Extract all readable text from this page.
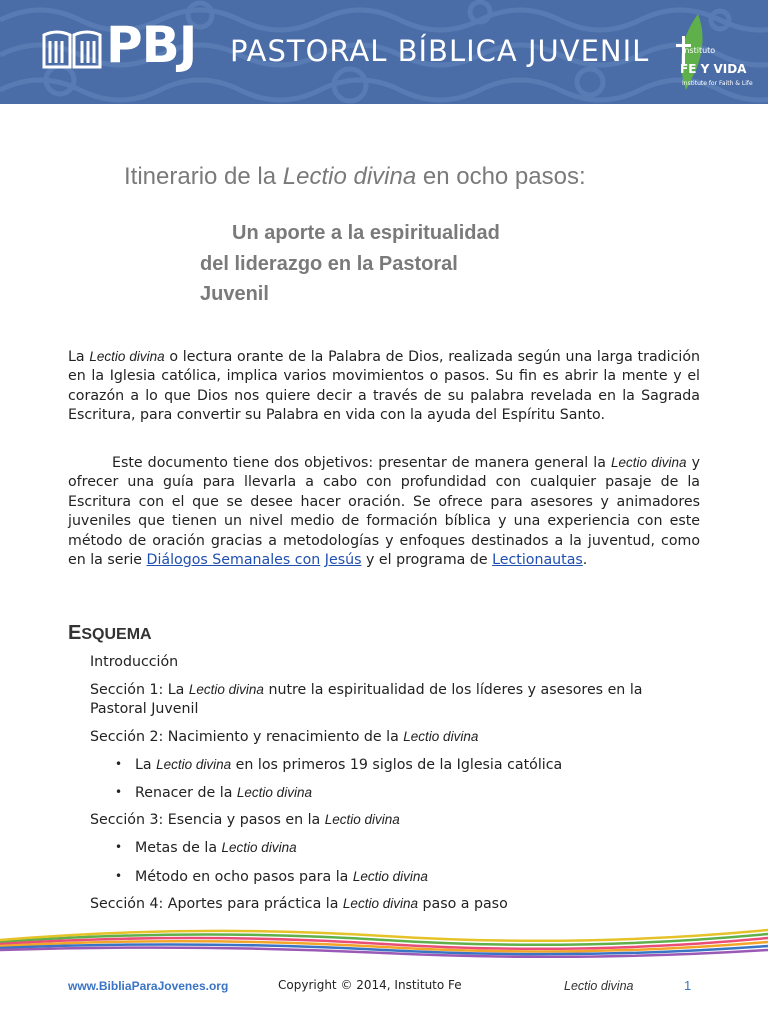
PBJ PASTORAL BÍBLICA JUVENIL	Instituto
FE Y VIDA
Institute for Faith & Life
Itinerario de la Lectio divina en ocho pasos:
Un aporte a la espiritualidad
del liderazgo en la Pastoral
Juvenil

La Lectio divina o lectura orante de la Palabra de Dios, realizada según una larga tradición en la Iglesia católica, implica varios movimientos o pasos. Su fin es abrir la mente y el corazón a lo que Dios nos quiere decir a través de su palabra revelada en la Sagrada Escritura, para convertir su Palabra en vida con la ayuda del Espíritu Santo.

Este documento tiene dos objetivos: presentar de manera general la Lectio divina y ofrecer una guía para llevarla a cabo con profundidad con cualquier pasaje de la Escritura con el que se desee hacer oración. Se ofrece para asesores y animadores juveniles que tienen un nivel medio de formación bíblica y una experiencia con este método de oración gracias a metodologías y enfoques destinados a la juventud, como en la serie Diálogos Semanales con Jesús y el programa de Lectionautas.

ESQUEMA

Introducción

Sección 1: La Lectio divina nutre la espiritualidad de los líderes y asesores en la
Pastoral Juvenil

Sección 2: Nacimiento y renacimiento de la Lectio divina

• La Lectio divina en los primeros 19 siglos de la Iglesia católica

• Renacer de la Lectio divina

Sección 3: Esencia y pasos en la Lectio divina

• Metas de la Lectio divina

• Método en ocho pasos para la Lectio divina

Sección 4: Aportes para práctica la Lectio divina paso a paso

www.BibliaParaJovenes.org	Copyright © 2014, Instituto Fe	Lectio divina	1
